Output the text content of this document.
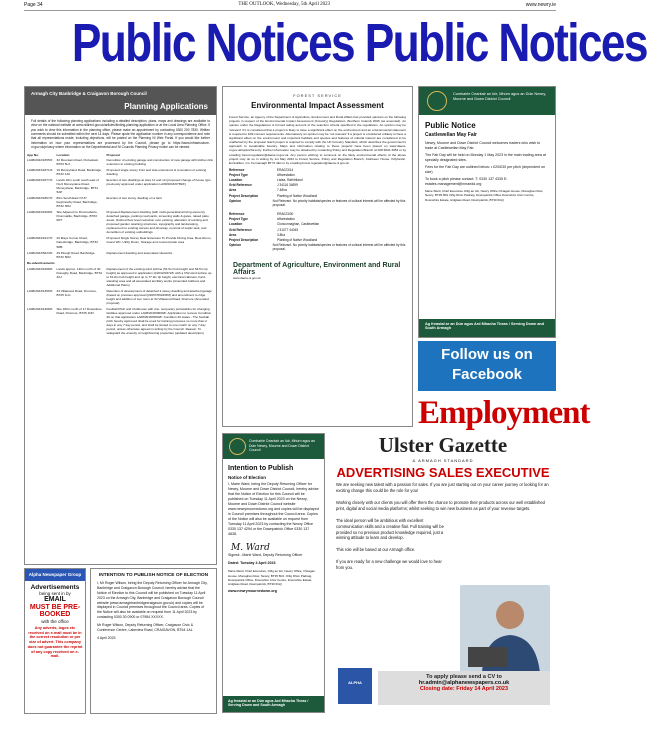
Page 34	THE OUTLOOK, Wednesday, 5th April 2023	www.newry.ie
Public Notices Public Notices
Armagh City Banbridge & Craigavon Borough Council
Planning Applications
Full details of the following planning applications including a detailed description, plans, maps and drawings are available to view on the national website at www.nidirect.gov.uk/articles/finding-planning-application or at the Local Area Planning Office. If you wish to view this information in the planning office, please make an appointment by contacting 0300 200 7830. Written comments should be submitted within the next 14 days. Please quote the application number in any correspondence and note that all representations made, including objections, will be posted on the Planning NI Web Portal. If you would like further information on how your representations are processed by the Council, please go to https://www.infrastructure-ni.gov.uk/privacy where information on the Departmental and NI Councils Planning Privacy notice can be viewed.
App No.	Location	Proposal
LA08/2022/1655/F	32 Mountain Road, Portadown, BT63 5LX	Demolition of existing garage and construction of new garage with kitchen link extension to existing building
LA08/2023/1871/F	19 Moneyhand Road, Banbridge, BT32 4JU	Proposed single storey front and side extensions & renovation of existing dwelling
LA08/2023/1877/F	Lands 40m south south east of No.9 Moneyslane Road, Moneyslane, Banbridge, BT31 5AP	Erection of two dwellings at sites 11 and 12 (proposed change of house type previously approved under application LA08/2016/0769/F)
LA08/2023/1867/F	80m South East Of 37 Keghnowby Road, Banbridge, BT32 3RU	Erection of two storey dwelling on a farm
LA08/2023/1908/F	Site Adjacent to Drumnaferrie, Drumnaillie, Banbridge, BT63 6RT	Proposed Replacement dwelling (with multi-generational living element), detached garage, parking courtyards, screening walls & gates, raised patio areas, finished floor level reduction over existing, alteration of existing and proposed garden retaining structures, topography and landscaping, replacement to existing access and driveway, removal of septic tank, and demolition of existing outbuildings
LA08/2023/1917/F	29 Mays Corner Road, Katesbridge, Banbridge, BT32 5RB	Proposed Single Storey Rear Extension To Provide Dining Area, Boot Room, Guest WC, Utility Room, Storage and covered patio area
LA08/2023/5223/F	29 Plough Road, Banbridge, BT32 5RU	Replacement dwelling and associated siteworks
Re-advertisements		
LA08/2023/1668/F	Lands approx. 140m north of 30 Donaghy Road, Banbridge, BT32 3AJ	Replacement of the existing wind turbine (51.5m hub height and 66.5m tip height) as approved in application Q/2012/0372/F with a V52 wind turbine up to 51.8m hub height and up to 77.9m tip height, electrical cabinets, hard-standing area and all associated ancillary works (Amended Address and Additional Plans)
LA08/2023/1356/F	34 Villawood Road, Dromore, BT25 1LG	Retention of development of detached 2 storey dwelling and attached garage (based on previous approval Q/2007/0622/RM) and amendment to ridge height and addition of sun room at 34 Villawood Road, Dromore (Amended proposal)
LA08/2023/1368/F	Site 180m north of 17 Rowantree Road, Dromore, BT25 1NN	Football Pitch and Clubhouse with 2no. temporary portacabins for changing facilities approved under LA08/2018/0690/F. Application to remove Condition 20 on that application LA08/2018/0690/F. Condition 20 states - The football pitch hereby approved shall be used for training purposes no more than 2 days in any 7 day period, and shall be limited to one match on any 7 day period, unless otherwise agreed in writing by the Council. Reason: To safeguard the amenity of neighbouring properties (updated description)
FOREST SERVICE
Environmental Impact Assessment
Forest Service, an Agency of the Department of Agriculture, Environment and Rural Affairs has provided opinions on the following projects in respect of the Environmental Impact Assessment (Forestry) Regulations (Northern Ireland) 2006 (as amended). An opinion under the Regulations is formed taking account of the selection criteria specified in the regulations. An opinion may be 'relevant' if it is considered that a project is likely to have a significant effect on the environment and an environmental statement is required to fulfil consent requirements. Alternatively an opinion may be 'not relevant' if a project is considered unlikely to have a significant effect on the environment and important habitats and species and features of cultural interest are considered to be unaffected by the proposal. Each project is required to comply with the UK Forestry Standard, which describes the government's approach to sustainable forestry. Maps and information relating to these projects have been placed on www.daera-ni.gov.uk/topics/forestry. Further information may be obtained by contacting Policy and Regulation Branch at 028 6634 3054 or by emailing forest.regulation@daera-ni.gov.uk. Any person wishing to comment on the likely environmental effects of the above project may do so in writing by 1st May 2023 to Forest Service, Policy and Regulation Branch, Inishkeen House, Killyhevlin, Enniskillen, Co. Fermanagh BT74 4EJ or by emailing forest.regulation@daera-ni.gov.uk.
Reference	ERA023/14
Project Type	Afforestation
Location	Lislea, Rathfriland
Grid Reference	J 34116 34899
Area	7.48ha
Project Description	Planting of Native Woodland
Opinion	Not Relevant. No priority habitats/species or features of cultural interest will be affected by this proposal.
Reference	ERA023/30
Project Type	Afforestation
Location	Cloncunnaghan, Castlewellan
Grid Reference	J 31077 44045
Area	3.8ha
Project Description	Planting of Native Woodland
Opinion	Not Relevant. No priority habitats/species or features of cultural interest will be affected by this proposal.
Department of Agriculture, Environment and Rural Affairs
www.daera-ni.gov.uk
Comhairle Ceantair an Iúir, Mhúrn agus an Dúin Newry, Mourne and Down District Council
Public Notice
Castlewellan May Fair
Newry, Mourne and Down District Council welcomes traders who wish to trade at Castlewellan May Fair.
The Fair Day will be held on Monday 1 May 2023 in the main trading area at specially designated sites.
Fees for the Fair Day are outlined below: • £20/£30 per pitch (dependent on size)
To book a pitch please contact: T: 0330 137 4335 E: estates.management@nmandd.org
Marie Ward, Chief Executive Oifig an Iúir, Newry Office O'Hagan House, Monaghan Row, Newry, BT35 8DJ Oifig Dhún Pádraig, Downpatrick Office Downshire Civic Centre, Downshire Estate, Ardglass Road, Downpatrick, BT30 6GQ
Ag freastal ar an Dún agus Ard Mhacha Theas / Serving Down and South Armagh
Follow us on Facebook
Employment
Ulster Gazette
& ARMAGH STANDARD
ADVERTISING SALES EXECUTIVE
We are seeking new talent with a passion for sales. If you are just starting out on your career journey or looking for an exciting change this could be the role for you!
Working closely with our clients you will offer them the chance to promote their products across our well established print, digital and social media platforms; whilst seeking to win new business as part of your revenue targets.
The ideal person will be ambitious with excellent communication skills and a creative flair. Full training will be provided so no previous product knowledge required, just a winning attitude to learn and develop.
This role will be based at our Armagh office.
If you are ready for a new challenge we would love to hear from you.
ALPHA
To apply please send a CV to
hr.admin@alphanewspapers.co.uk
Closing date: Friday 14 April 2023
Alpha Newspaper Group
Advertisements
being sent in by
EMAIL
MUST BE PRE-BOOKED
with the office
Any adverts, logos etc received on e-mail must be in the correct resolution or per size of advert. This company does not guarantee the reprint of any copy received on e-mail.
INTENTION TO PUBLISH NOTICE OF ELECTION
I, Mr Roger Wilson, being the Deputy Returning Officer for Armagh City, Banbridge and Craigavon Borough Council, hereby advise that the Notice of Election to this Council will be published on Tuesday 11 April 2023 on the Armagh City, Banbridge and Craigavon Borough Council website (www.armaghbanbridgecraigavon.gov.uk) and copies will be displayed in Council premises throughout the Council area. Copies of the Notice will also be available on request from 11 April 2023 by contacting 0300 30 0900 or 07984 XXXXX.
Mr Roger Wilson, Deputy Returning Officer, Craigavon Civic & Conference Centre, Lakeview Road, CRAIGAVON, BT64 1AL
4 April 2023
Comhairle Ceantair an Iúir, Mhúrn agus an Dúin Newry, Mourne and Down District Council
Intention to Publish
Notice of Election
I, Marie Ward, being the Deputy Returning Officer for Newry, Mourne and Down District Council, hereby advise that the Notice of Election for this Council will be published on Tuesday 11 April 2023 on the Newry, Mourne and Down District Council website www.newrymournedown.org and copies will be displayed in Council premises throughout the Council area. Copies of the Notice will also be available on request from Tuesday 11 April 2023 by contacting the Newry Office 0330 137 4294 or the Downpatrick Office 0330 137 4838.
M. Ward
Signed:- Marie Ward, Deputy Returning Officer
Dated: Tuesday 4 April 2023
Marie Ward, Chief Executive, Oifig an Iúir, Newry Office, O'Hagan House, Monaghan Row, Newry, BT35 8DJ. Oifig Dhún Pádraig, Downpatrick Office, Downshire Civic Centre, Downshire Estate, Ardglass Road, Downpatrick, BT30 6GQ
www.newrymournedown.org
Ag freastal ar an Dún agus Ard Mhacha Theas / Serving Down and South Armagh
